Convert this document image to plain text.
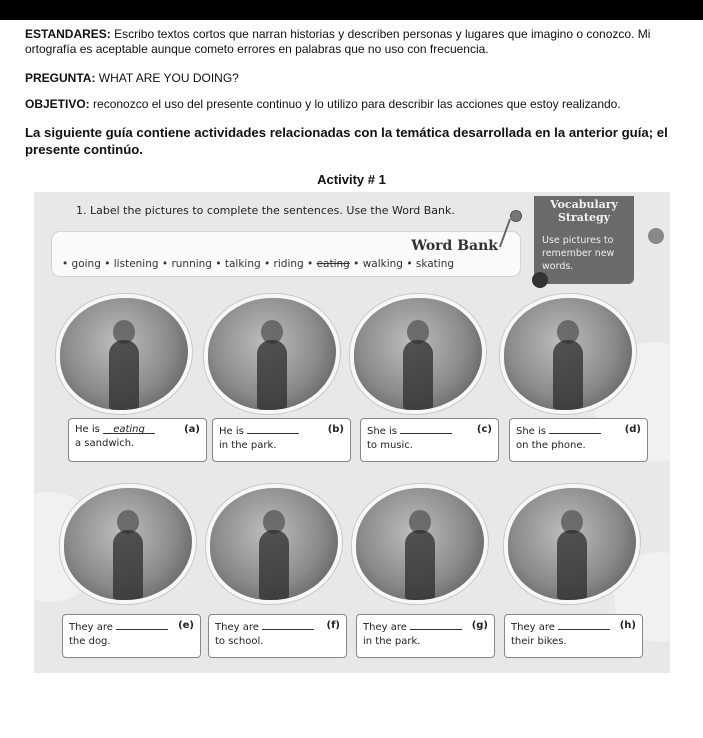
ESTANDARES: Escribo textos cortos que narran historias y describen personas y lugares que imagino o conozco. Mi ortografía es aceptable aunque cometo errores en palabras que no uso con frecuencia.
PREGUNTA: WHAT ARE YOU DOING?
OBJETIVO: reconozco el uso del presente continuo y lo utilizo para describir las acciones que estoy realizando.
La siguiente guía contiene actividades relacionadas con la temática desarrollada en la anterior guía; el presente continúo.
Activity # 1
1. Label the pictures to complete the sentences. Use the Word Bank.
Word Bank
• going • listening • running • talking • riding • eating • walking • skating
Vocabulary Strategy
Use pictures to remember new words.
He is eating	(a)
a sandwich.
He is	(b)
in the park.
She is	(c)
to music.
She is	(d)
on the phone.
They are	(e)
the dog.
They are	(f)
to school.
They are	(g)
in the park.
They are	(h)
their bikes.
